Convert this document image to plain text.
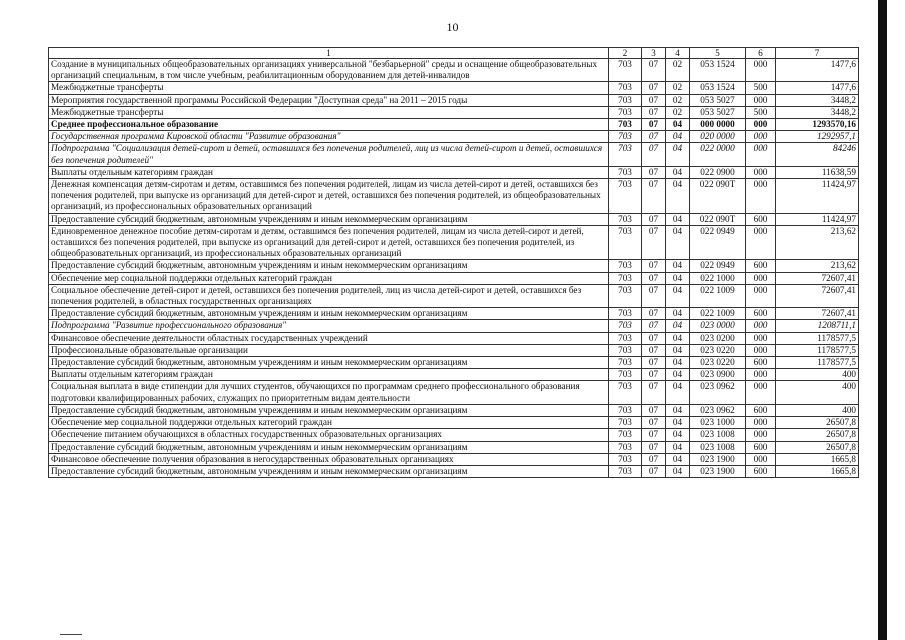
10
1	2	3	4	5	6	7
Создание в муниципальных общеобразовательных организациях универсальной "безбарьерной" среды и оснащение общеобразовательных организаций специальным, в том числе учебным, реабилитационным оборудованием для детей-инвалидов	703	07	02	053 1524	000	1477,6
Межбюджетные трансферты	703	07	02	053 1524	500	1477,6
Мероприятия государственной программы Российской Федерации "Доступная среда" на 2011 – 2015 годы	703	07	02	053 5027	000	3448,2
Межбюджетные трансферты	703	07	02	053 5027	500	3448,2
Среднее профессиональное образование	703	07	04	000 0000	000	1293570,16
Государственная программа Кировской области "Развитие образования"	703	07	04	020 0000	000	1292957,1
Подпрограмма "Социализация детей-сирот и детей, оставшихся без попечения родителей, лиц из числа детей-сирот и детей, оставшихся без попечения родителей"	703	07	04	022 0000	000	84246
Выплаты отдельным категориям граждан	703	07	04	022 0900	000	11638,59
Денежная компенсация детям-сиротам и детям, оставшимся без попечения родителей, лицам из числа детей-сирот и детей, оставшихся без попечения родителей, при выпуске из организаций для детей-сирот и детей, оставшихся без попечения родителей, из общеобразовательных организаций, из профессиональных образовательных организаций	703	07	04	022 090Т	000	11424,97
Предоставление субсидий бюджетным, автономным учреждениям и иным некоммерческим организациям	703	07	04	022 090Т	600	11424,97
Единовременное денежное пособие детям-сиротам и детям, оставшимся без попечения родителей, лицам из числа детей-сирот и детей, оставшихся без попечения родителей, при выпуске из организаций для детей-сирот и детей, оставшихся без попечения родителей, из общеобразовательных организаций, из профессиональных образовательных организаций	703	07	04	022 0949	000	213,62
Предоставление субсидий бюджетным, автономным учреждениям и иным некоммерческим организациям	703	07	04	022 0949	600	213,62
Обеспечение мер социальной поддержки отдельных категорий граждан	703	07	04	022 1000	000	72607,41
Социальное обеспечение детей-сирот и детей, оставшихся без попечения родителей, лиц из числа детей-сирот и детей, оставшихся без попечения родителей, в областных государственных организациях	703	07	04	022 1009	000	72607,41
Предоставление субсидий бюджетным, автономным учреждениям и иным некоммерческим организациям	703	07	04	022 1009	600	72607,41
Подпрограмма "Развитие профессионального образования"	703	07	04	023 0000	000	1208711,1
Финансовое обеспечение деятельности областных государственных учреждений	703	07	04	023 0200	000	1178577,5
Профессиональные образовательные организации	703	07	04	023 0220	000	1178577,5
Предоставление субсидий бюджетным, автономным учреждениям и иным некоммерческим организациям	703	07	04	023 0220	600	1178577,5
Выплаты отдельным категориям граждан	703	07	04	023 0900	000	400
Социальная выплата в виде стипендии для лучших студентов, обучающихся по программам среднего профессионального образования подготовки квалифицированных рабочих, служащих по приоритетным видам деятельности	703	07	04	023 0962	000	400
Предоставление субсидий бюджетным, автономным учреждениям и иным некоммерческим организациям	703	07	04	023 0962	600	400
Обеспечение мер социальной поддержки отдельных категорий граждан	703	07	04	023 1000	000	26507,8
Обеспечение питанием обучающихся в областных государственных образовательных организациях	703	07	04	023 1008	000	26507,8
Предоставление субсидий бюджетным, автономным учреждениям и иным некоммерческим организациям	703	07	04	023 1008	600	26507,8
Финансовое обеспечение получения образования в негосударственных образовательных организациях	703	07	04	023 1900	000	1665,8
Предоставление субсидий бюджетным, автономным учреждениям и иным некоммерческим организациям	703	07	04	023 1900	600	1665,8
